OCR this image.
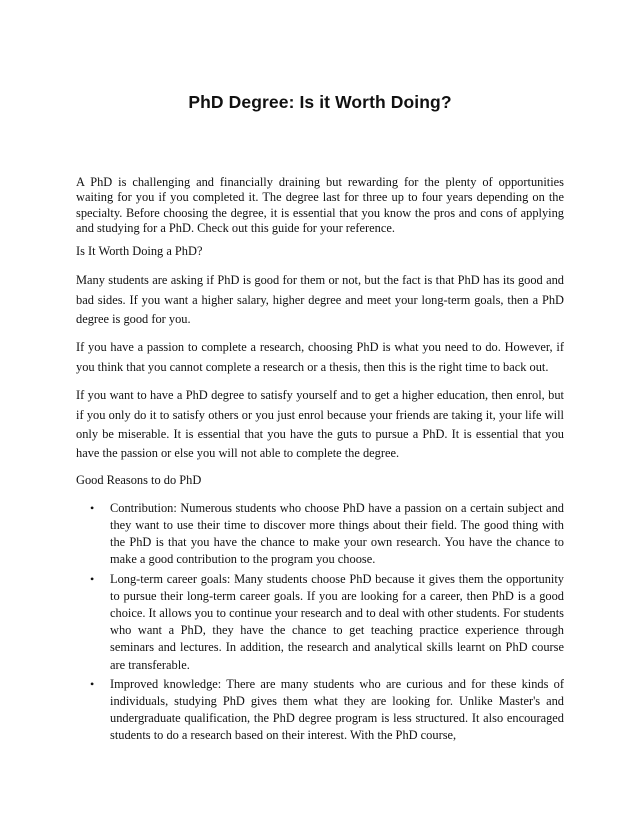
PhD Degree: Is it Worth Doing?

A PhD is challenging and financially draining but rewarding for the plenty of opportunities waiting for you if you completed it. The degree last for three up to four years depending on the specialty. Before choosing the degree, it is essential that you know the pros and cons of applying and studying for a PhD. Check out this guide for your reference.

Is It Worth Doing a PhD?

Many students are asking if PhD is good for them or not, but the fact is that PhD has its good and bad sides. If you want a higher salary, higher degree and meet your long-term goals, then a PhD degree is good for you.

If you have a passion to complete a research, choosing PhD is what you need to do. However, if you think that you cannot complete a research or a thesis, then this is the right time to back out.

If you want to have a PhD degree to satisfy yourself and to get a higher education, then enrol, but if you only do it to satisfy others or you just enrol because your friends are taking it, your life will only be miserable. It is essential that you have the guts to pursue a PhD. It is essential that you have the passion or else you will not able to complete the degree.

Good Reasons to do PhD

• Contribution: Numerous students who choose PhD have a passion on a certain subject and they want to use their time to discover more things about their field. The good thing with the PhD is that you have the chance to make your own research. You have the chance to make a good contribution to the program you choose.
• Long-term career goals: Many students choose PhD because it gives them the opportunity to pursue their long-term career goals. If you are looking for a career, then PhD is a good choice. It allows you to continue your research and to deal with other students. For students who want a PhD, they have the chance to get teaching practice experience through seminars and lectures. In addition, the research and analytical skills learnt on PhD course are transferable.
• Improved knowledge: There are many students who are curious and for these kinds of individuals, studying PhD gives them what they are looking for. Unlike Master's and undergraduate qualification, the PhD degree program is less structured. It also encouraged students to do a research based on their interest. With the PhD course,
